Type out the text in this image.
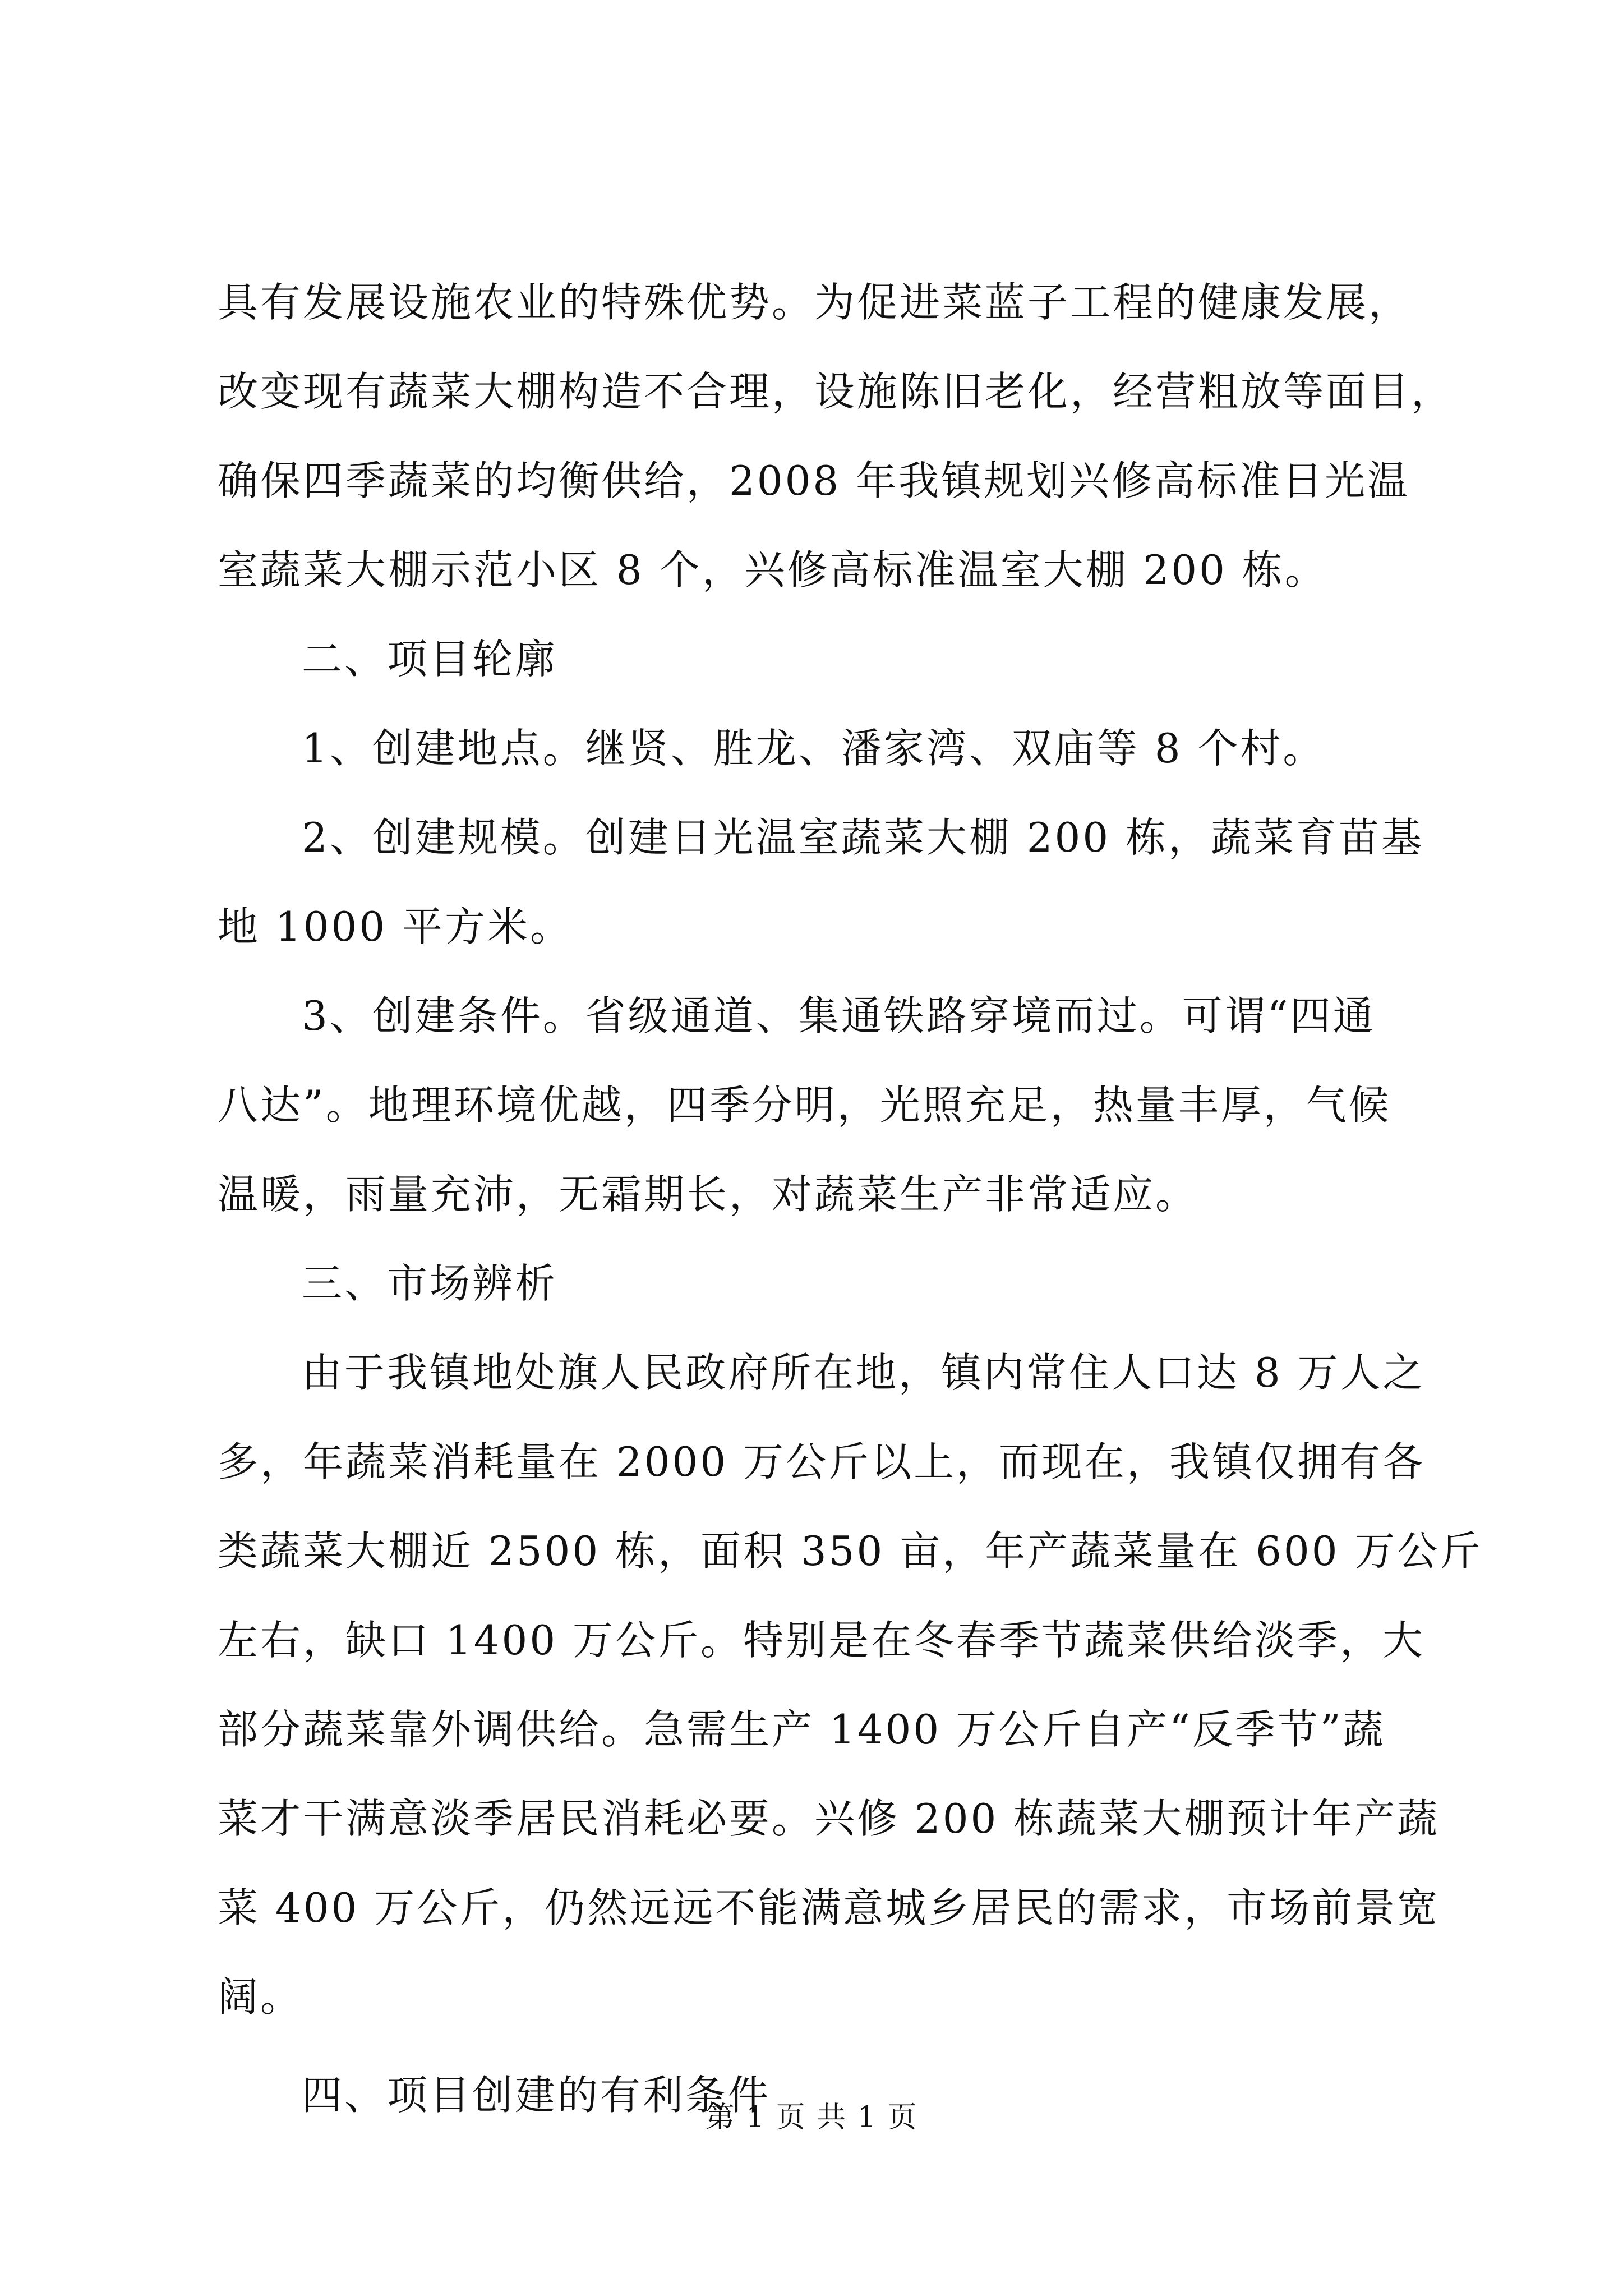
具有发展设施农业的特殊优势。为促进菜蓝子工程的健康发展，
改变现有蔬菜大棚构造不合理，设施陈旧老化，经营粗放等面目，
确保四季蔬菜的均衡供给，2008 年我镇规划兴修高标准日光温
室蔬菜大棚示范小区 8 个，兴修高标准温室大棚 200 栋。
二、项目轮廓
1、创建地点。继贤、胜龙、潘家湾、双庙等 8 个村。
2、创建规模。创建日光温室蔬菜大棚 200 栋，蔬菜育苗基
地 1000 平方米。
3、创建条件。省级通道、集通铁路穿境而过。可谓“四通
八达”。地理环境优越，四季分明，光照充足，热量丰厚，气候
温暖，雨量充沛，无霜期长，对蔬菜生产非常适应。
三、市场辨析
由于我镇地处旗人民政府所在地，镇内常住人口达 8 万人之
多，年蔬菜消耗量在 2000 万公斤以上，而现在，我镇仅拥有各
类蔬菜大棚近 2500 栋，面积 350 亩，年产蔬菜量在 600 万公斤
左右，缺口 1400 万公斤。特别是在冬春季节蔬菜供给淡季，大
部分蔬菜靠外调供给。急需生产 1400 万公斤自产“反季节”蔬
菜才干满意淡季居民消耗必要。兴修 200 栋蔬菜大棚预计年产蔬
菜 400 万公斤，仍然远远不能满意城乡居民的需求，市场前景宽
阔。
四、项目创建的有利条件
第 1 页 共 1 页
